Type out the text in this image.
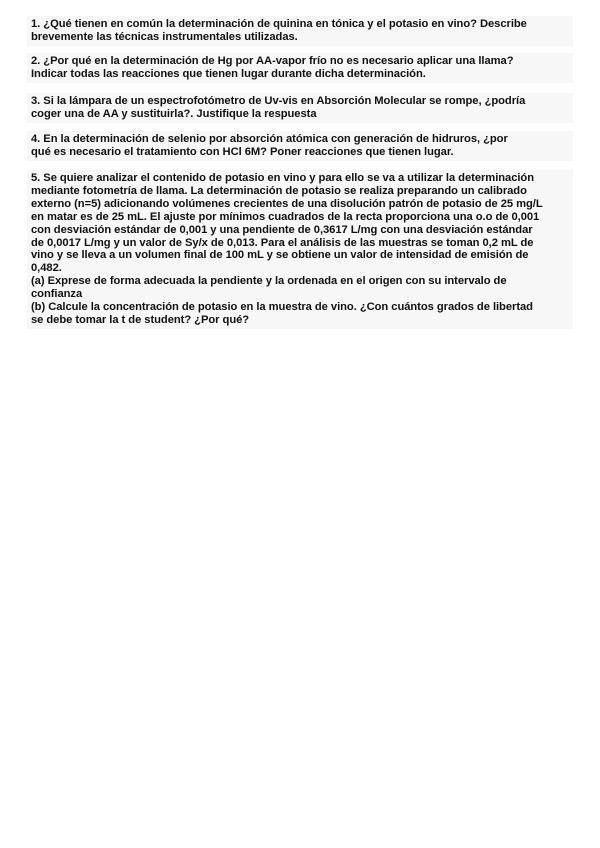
1. ¿Qué tienen en común la determinación de quinina en tónica y el potasio en vino? Describe

brevemente las técnicas instrumentales utilizadas.

2. ¿Por qué en la determinación de Hg por AA-vapor frío no es necesario aplicar una llama?

Indicar todas las reacciones que tienen lugar durante dicha determinación.

3. Si la lámpara de un espectrofotómetro de Uv-vis en Absorción Molecular se rompe, ¿podría

coger una de AA y sustituirla?. Justifique la respuesta

4. En la determinación de selenio por absorción atómica con generación de hidruros, ¿por

qué es necesario el tratamiento con HCl 6M? Poner reacciones que tienen lugar.

5. Se quiere analizar el contenido de potasio en vino y para ello se va a utilizar la determinación

mediante fotometría de llama. La determinación de potasio se realiza preparando un calibrado

externo (n=5) adicionando volúmenes crecientes de una disolución patrón de potasio de 25 mg/L

en matar es de 25 mL. El ajuste por mínimos cuadrados de la recta proporciona una o.o de 0,001

con desviación estándar de 0,001 y una pendiente de 0,3617 L/mg con una desviación estándar

de 0,0017 L/mg y un valor de Sy/x de 0,013. Para el análisis de las muestras se toman 0,2 mL de

vino y se lleva a un volumen final de 100 mL y se obtiene un valor de intensidad de emisión de

0,482.

(a) Exprese de forma adecuada la pendiente y la ordenada en el origen con su intervalo de

confianza

(b) Calcule la concentración de potasio en la muestra de vino. ¿Con cuántos grados de libertad

se debe tomar la t de student? ¿Por qué?
